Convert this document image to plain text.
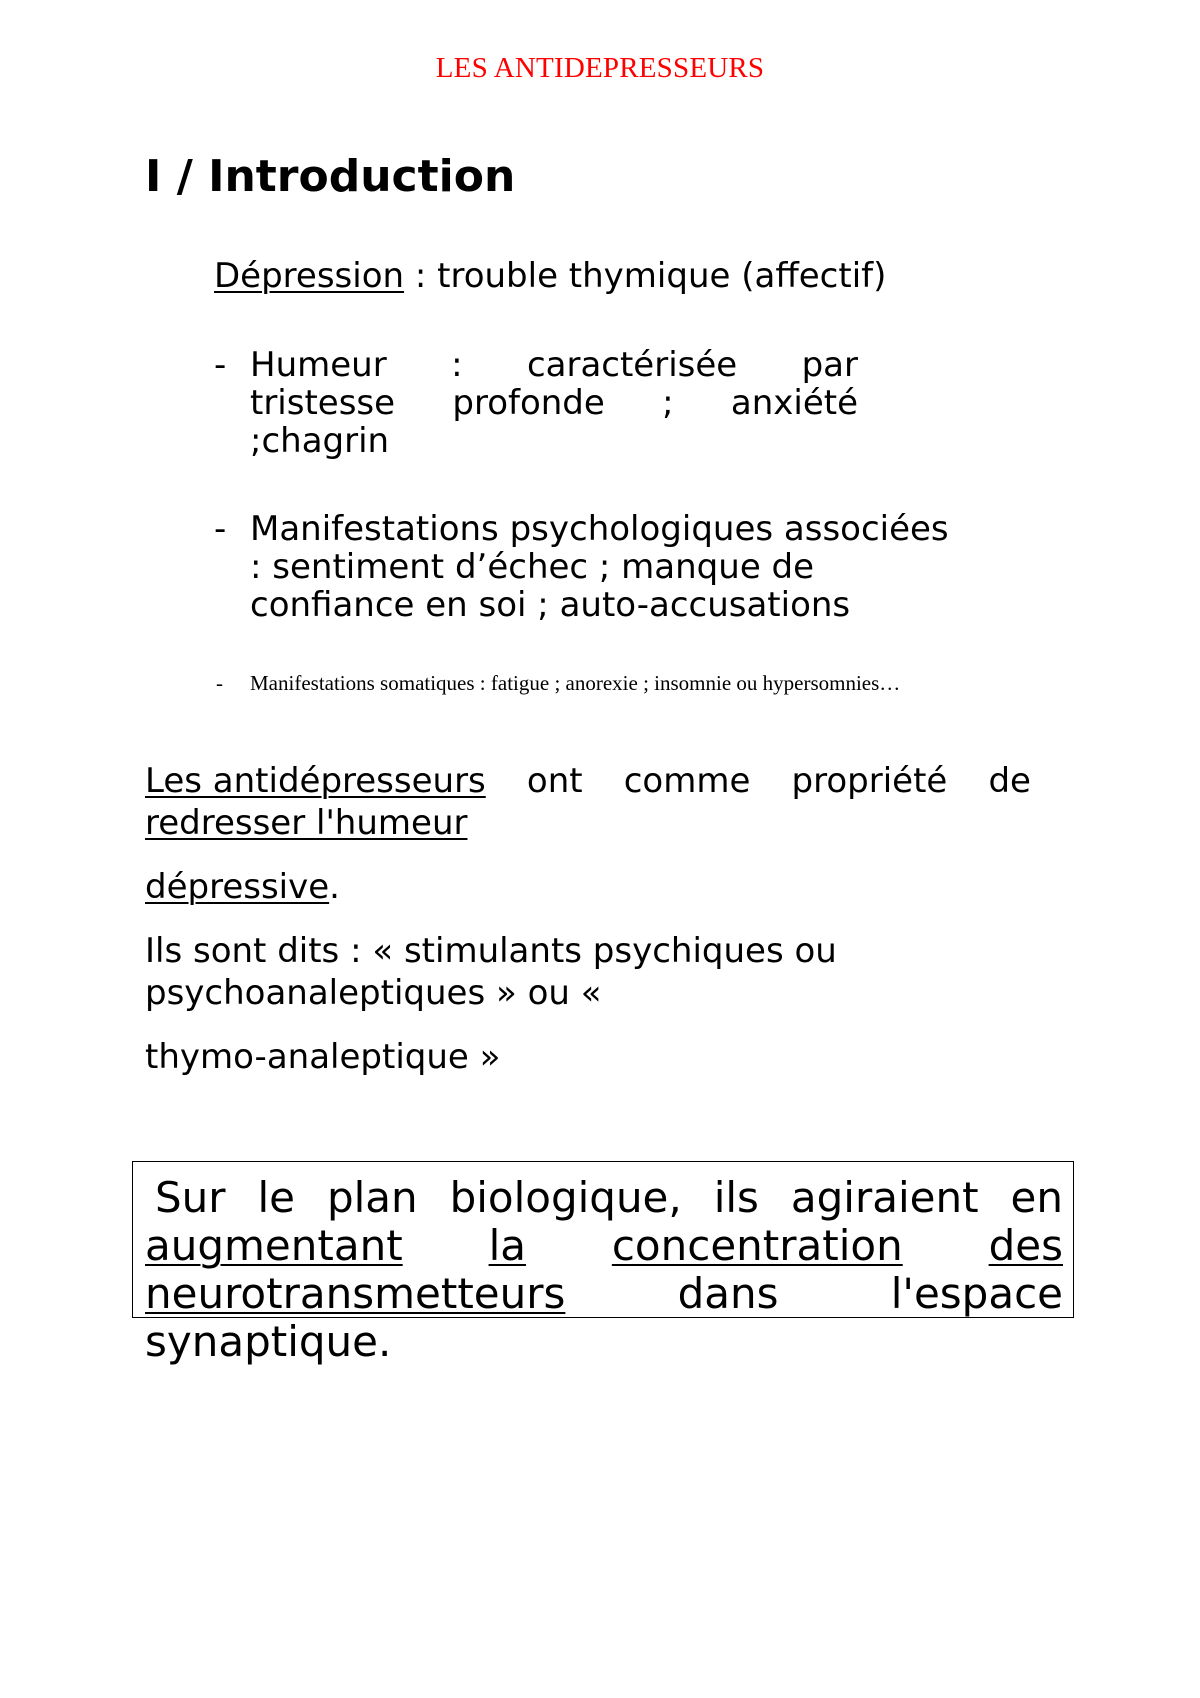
LES ANTIDEPRESSEURS
I / Introduction
Dépression : trouble thymique (affectif)
- Humeur : caractérisée par
tristesse profonde ; anxiété
;chagrin
- Manifestations psychologiques associées
: sentiment d’échec ; manque de
confiance en soi ; auto-accusations
- Manifestations somatiques : fatigue ; anorexie ; insomnie ou hypersomnies…
Les antidépresseurs ont comme propriété de
redresser l'humeur
dépressive.
Ils sont dits : « stimulants psychiques ou
psychoanaleptiques » ou «
thymo-analeptique »
Sur le plan biologique, ils agiraient en
augmentant la concentration des
neurotransmetteurs	dans	l'espace
synaptique.
